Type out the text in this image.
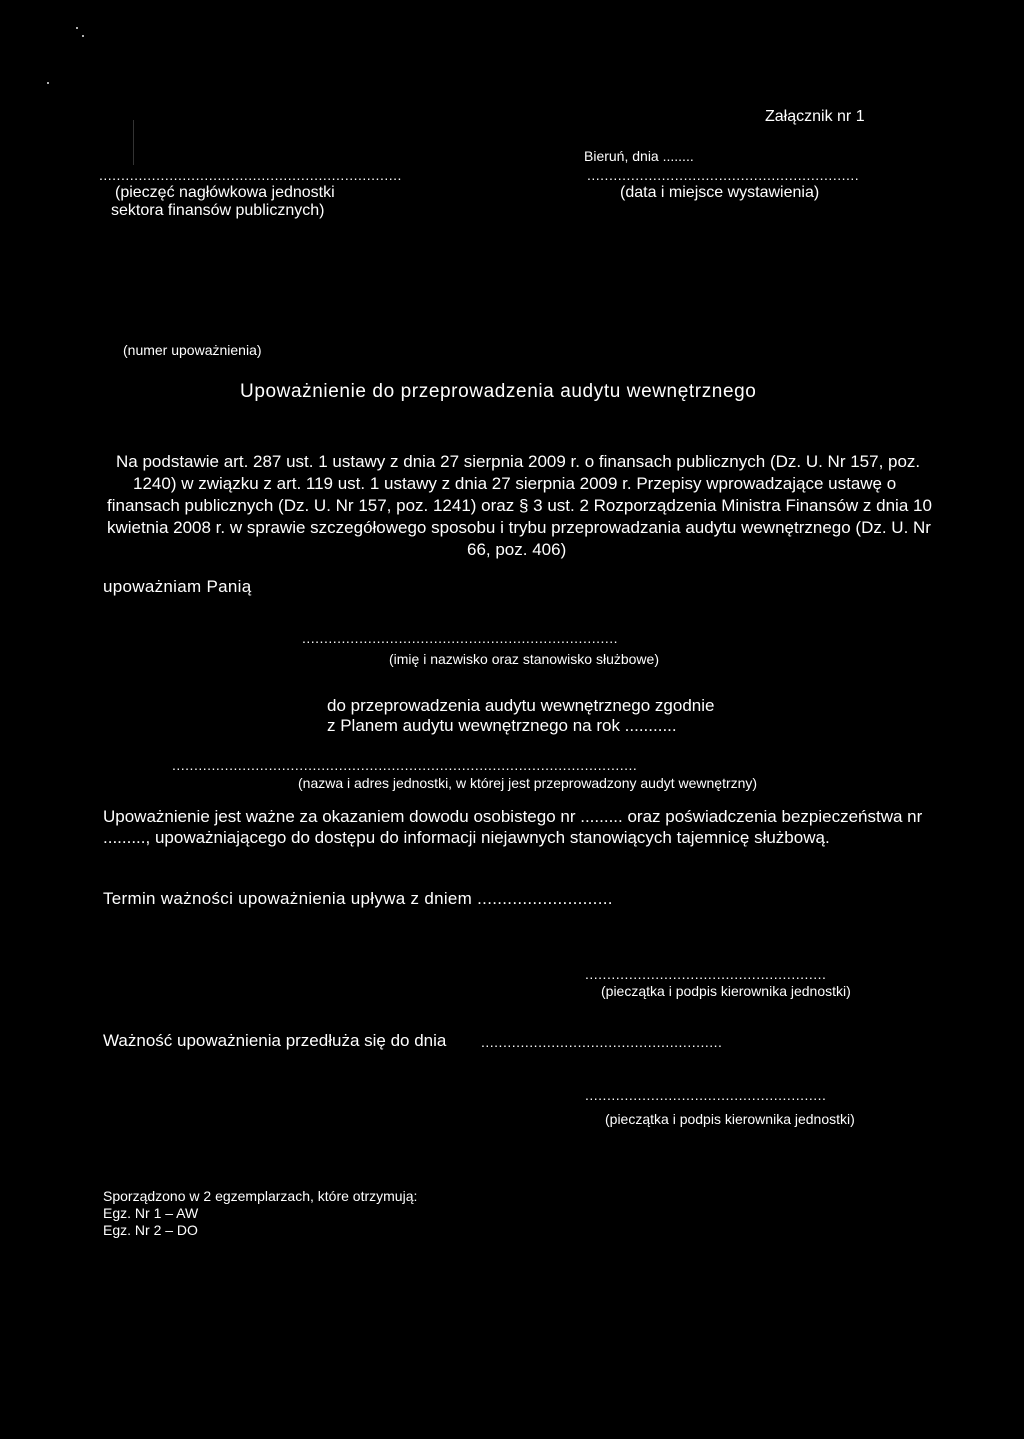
Załącznik nr 1
Bieruń, dnia ........
.....................................................................
(pieczęć nagłówkowa jednostki
sektora finansów publicznych)
..............................................................
(data i miejsce wystawienia)
(numer upoważnienia)
Upoważnienie do przeprowadzenia audytu wewnętrznego
Na podstawie art. 287 ust. 1 ustawy z dnia 27 sierpnia 2009 r. o finansach publicznych (Dz. U. Nr 157, poz.
1240) w związku z art. 119 ust. 1 ustawy z dnia 27 sierpnia 2009 r. Przepisy wprowadzające ustawę o
finansach publicznych (Dz. U. Nr 157, poz. 1241) oraz § 3 ust. 2 Rozporządzenia Ministra Finansów z dnia 10
kwietnia 2008 r. w sprawie szczegółowego sposobu i trybu przeprowadzania audytu wewnętrznego (Dz. U. Nr
66, poz. 406)
upoważniam Panią
........................................................................
(imię i nazwisko oraz stanowisko służbowe)
do przeprowadzenia audytu wewnętrznego zgodnie
z Planem audytu wewnętrznego na rok ...........
..........................................................................................................
(nazwa i adres jednostki, w której jest przeprowadzony audyt wewnętrzny)
Upoważnienie jest ważne za okazaniem dowodu osobistego nr ......... oraz poświadczenia bezpieczeństwa nr
........., upoważniającego do dostępu do informacji niejawnych stanowiących tajemnicę służbową.
Termin ważności upoważnienia upływa z dniem ...........................
.......................................................
(pieczątka i podpis kierownika jednostki)
Ważność upoważnienia przedłuża się do dnia .......................................................
.......................................................
(pieczątka i podpis kierownika jednostki)
Sporządzono w 2 egzemplarzach, które otrzymują:
Egz. Nr 1 – AW
Egz. Nr 2 – DO
